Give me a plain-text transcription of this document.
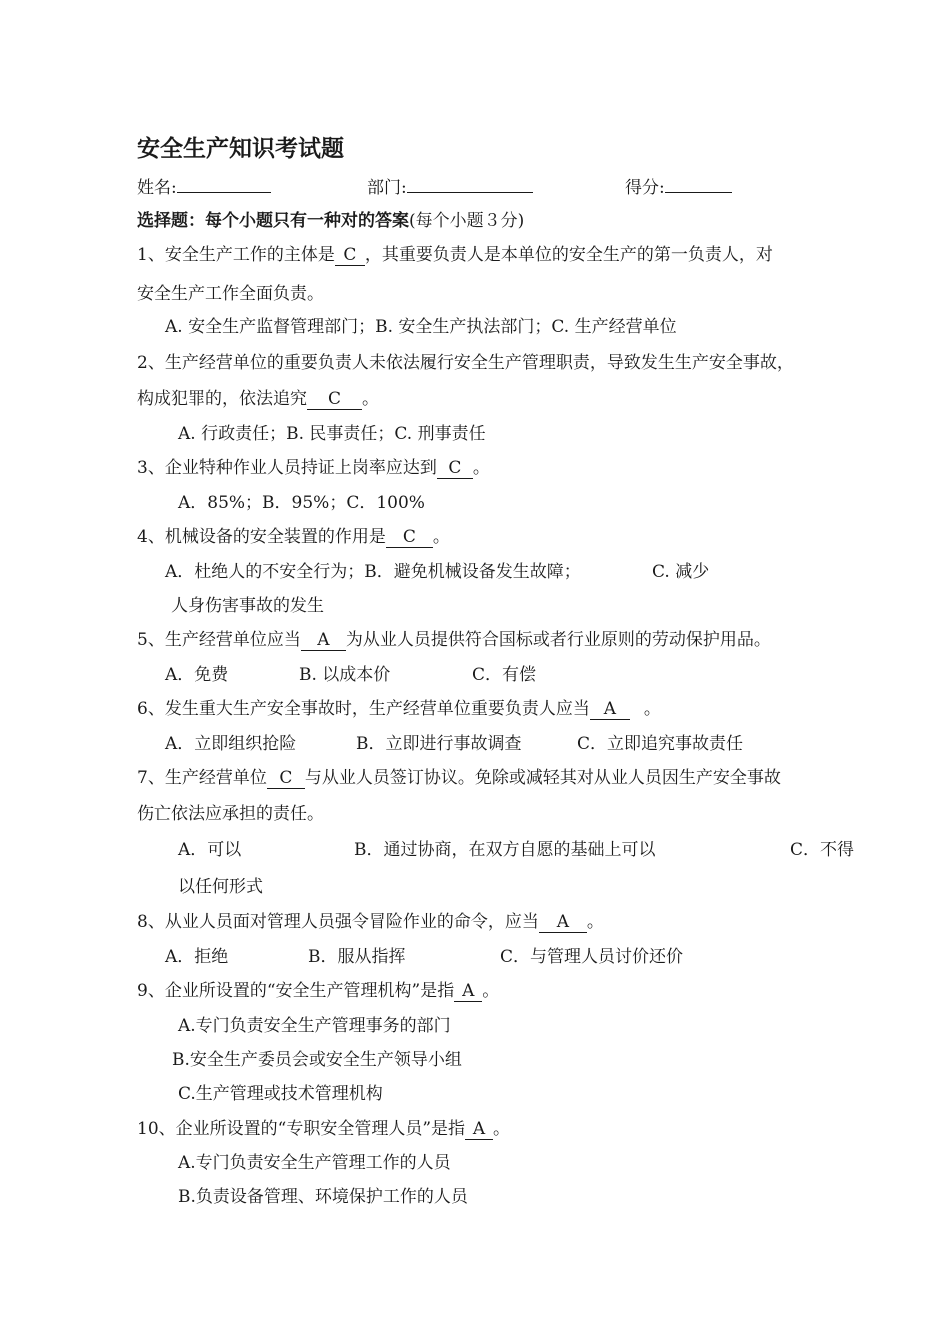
安全生产知识考试题
姓名:	部门:	得分:
选择题：每个小题只有一种对的答案(每个小题３分)
1、安全生产工作的主体是 C ，其重要负责人是本单位的安全生产的第一负责人，对
安全生产工作全面负责。
A. 安全生产监督管理部门；B. 安全生产执法部门；C. 生产经营单位
2、生产经营单位的重要负责人未依法履行安全生产管理职责，导致发生生产安全事故，
构成犯罪的，依法追究 C 。
A. 行政责任；B. 民事责任；C. 刑事责任
3、企业特种作业人员持证上岗率应达到 C 。
A．85%；B．95%；C．100%
4、机械设备的安全装置的作用是 C 。
A．杜绝人的不安全行为；B．避免机械设备发生故障；	C. 减少
人身伤害事故的发生
5、生产经营单位应当 A 为从业人员提供符合国标或者行业原则的劳动保护用品。
A．免费	B. 以成本价	C．有偿
6、发生重大生产安全事故时，生产经营单位重要负责人应当 A 。
A．立即组织抢险	B．立即进行事故调查	C．立即追究事故责任
7、生产经营单位 C 与从业人员签订协议。免除或减轻其对从业人员因生产安全事故
伤亡依法应承担的责任。
A．可以	B．通过协商，在双方自愿的基础上可以	C．不得
以任何形式
8、从业人员面对管理人员强令冒险作业的命令，应当 A 。
A．拒绝	B．服从指挥	C．与管理人员讨价还价
9、企业所设置的“安全生产管理机构”是指 A 。
A.专门负责安全生产管理事务的部门
B.安全生产委员会或安全生产领导小组
C.生产管理或技术管理机构
10、企业所设置的“专职安全管理人员”是指 A 。
A.专门负责安全生产管理工作的人员
B.负责设备管理、环境保护工作的人员
